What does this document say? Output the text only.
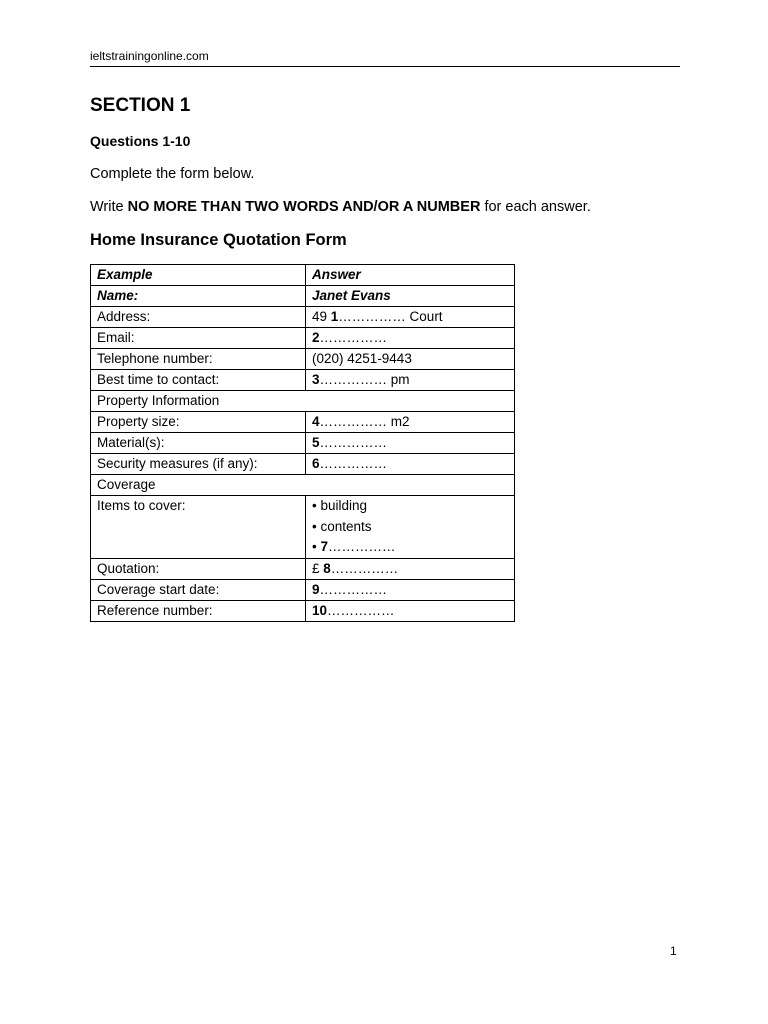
ieltstrainingonline.com
SECTION 1
Questions 1-10
Complete the form below.
Write NO MORE THAN TWO WORDS AND/OR A NUMBER for each answer.
Home Insurance Quotation Form
Example	Answer
Name:	Janet Evans
Address:	49 1…………… Court
Email:	2……………
Telephone number:	(020) 4251-9443
Best time to contact:	3…………… pm
Property Information	
Property size:	4…………… m2
Material(s):	5……………
Security measures (if any):	6……………
Coverage	
Items to cover:	• building
• contents
• 7……………

Quotation:	£ 8……………
Coverage start date:	9……………
Reference number:	10……………
1
